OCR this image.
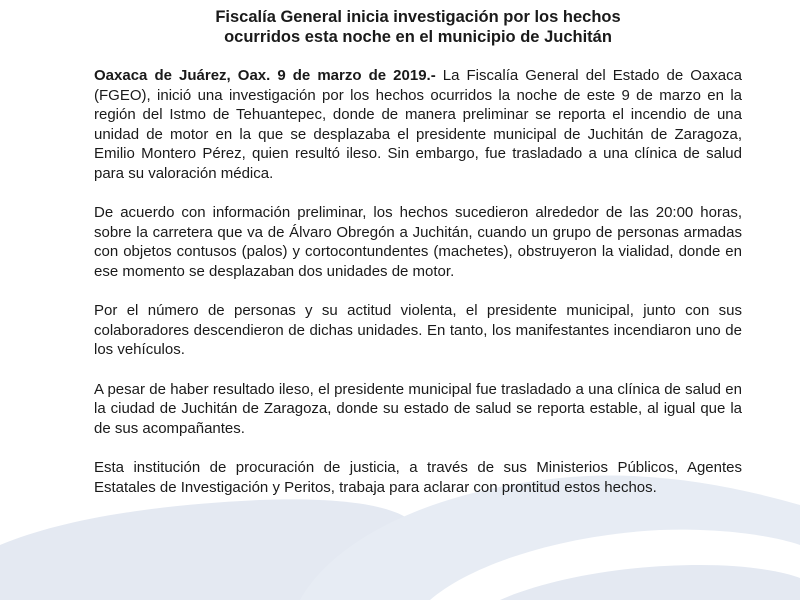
Fiscalía General inicia investigación por los hechos
ocurridos esta noche en el municipio de Juchitán

Oaxaca de Juárez, Oax. 9 de marzo de 2019.- La Fiscalía General del Estado de Oaxaca (FGEO), inició una investigación por los hechos ocurridos la noche de este 9 de marzo en la región del Istmo de Tehuantepec, donde de manera preliminar se reporta el incendio de una unidad de motor en la que se desplazaba el presidente municipal de Juchitán de Zaragoza, Emilio Montero Pérez, quien resultó ileso. Sin embargo, fue trasladado a una clínica de salud para su valoración médica.

De acuerdo con información preliminar, los hechos sucedieron alrededor de las 20:00 horas, sobre la carretera que va de Álvaro Obregón a Juchitán, cuando un grupo de personas armadas con objetos contusos (palos) y cortocontundentes (machetes), obstruyeron la vialidad, donde en ese momento se desplazaban dos unidades de motor.

Por el número de personas y su actitud violenta, el presidente municipal, junto con sus colaboradores descendieron de dichas unidades. En tanto, los manifestantes incendiaron uno de los vehículos.

A pesar de haber resultado ileso, el presidente municipal fue trasladado a una clínica de salud en la ciudad de Juchitán de Zaragoza, donde su estado de salud se reporta estable, al igual que la de sus acompañantes.

Esta institución de procuración de justicia, a través de sus Ministerios Públicos, Agentes Estatales de Investigación y Peritos, trabaja para aclarar con prontitud estos hechos.
